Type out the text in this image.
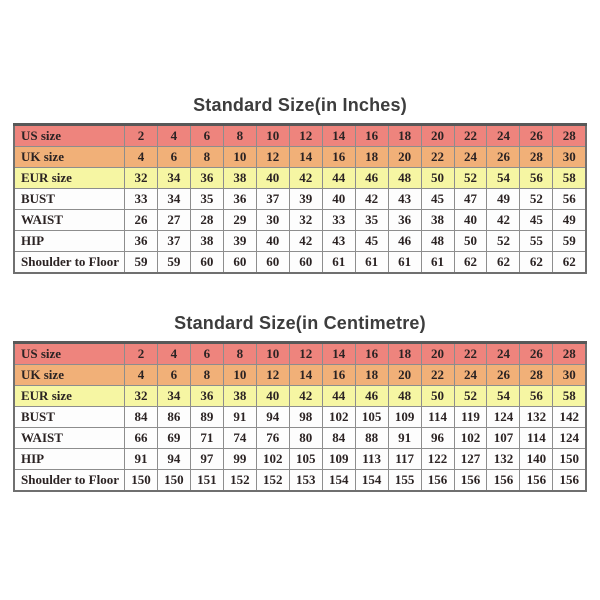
Standard Size(in Inches)
US size	2	4	6	8	10	12	14	16	18	20	22	24	26	28
UK size	4	6	8	10	12	14	16	18	20	22	24	26	28	30
EUR size	32	34	36	38	40	42	44	46	48	50	52	54	56	58
BUST	33	34	35	36	37	39	40	42	43	45	47	49	52	56
WAIST	26	27	28	29	30	32	33	35	36	38	40	42	45	49
HIP	36	37	38	39	40	42	43	45	46	48	50	52	55	59
Shoulder to Floor	59	59	60	60	60	60	61	61	61	61	62	62	62	62
Standard Size(in Centimetre)
US size	2	4	6	8	10	12	14	16	18	20	22	24	26	28
UK size	4	6	8	10	12	14	16	18	20	22	24	26	28	30
EUR size	32	34	36	38	40	42	44	46	48	50	52	54	56	58
BUST	84	86	89	91	94	98	102	105	109	114	119	124	132	142
WAIST	66	69	71	74	76	80	84	88	91	96	102	107	114	124
HIP	91	94	97	99	102	105	109	113	117	122	127	132	140	150
Shoulder to Floor	150	150	151	152	152	153	154	154	155	156	156	156	156	156
